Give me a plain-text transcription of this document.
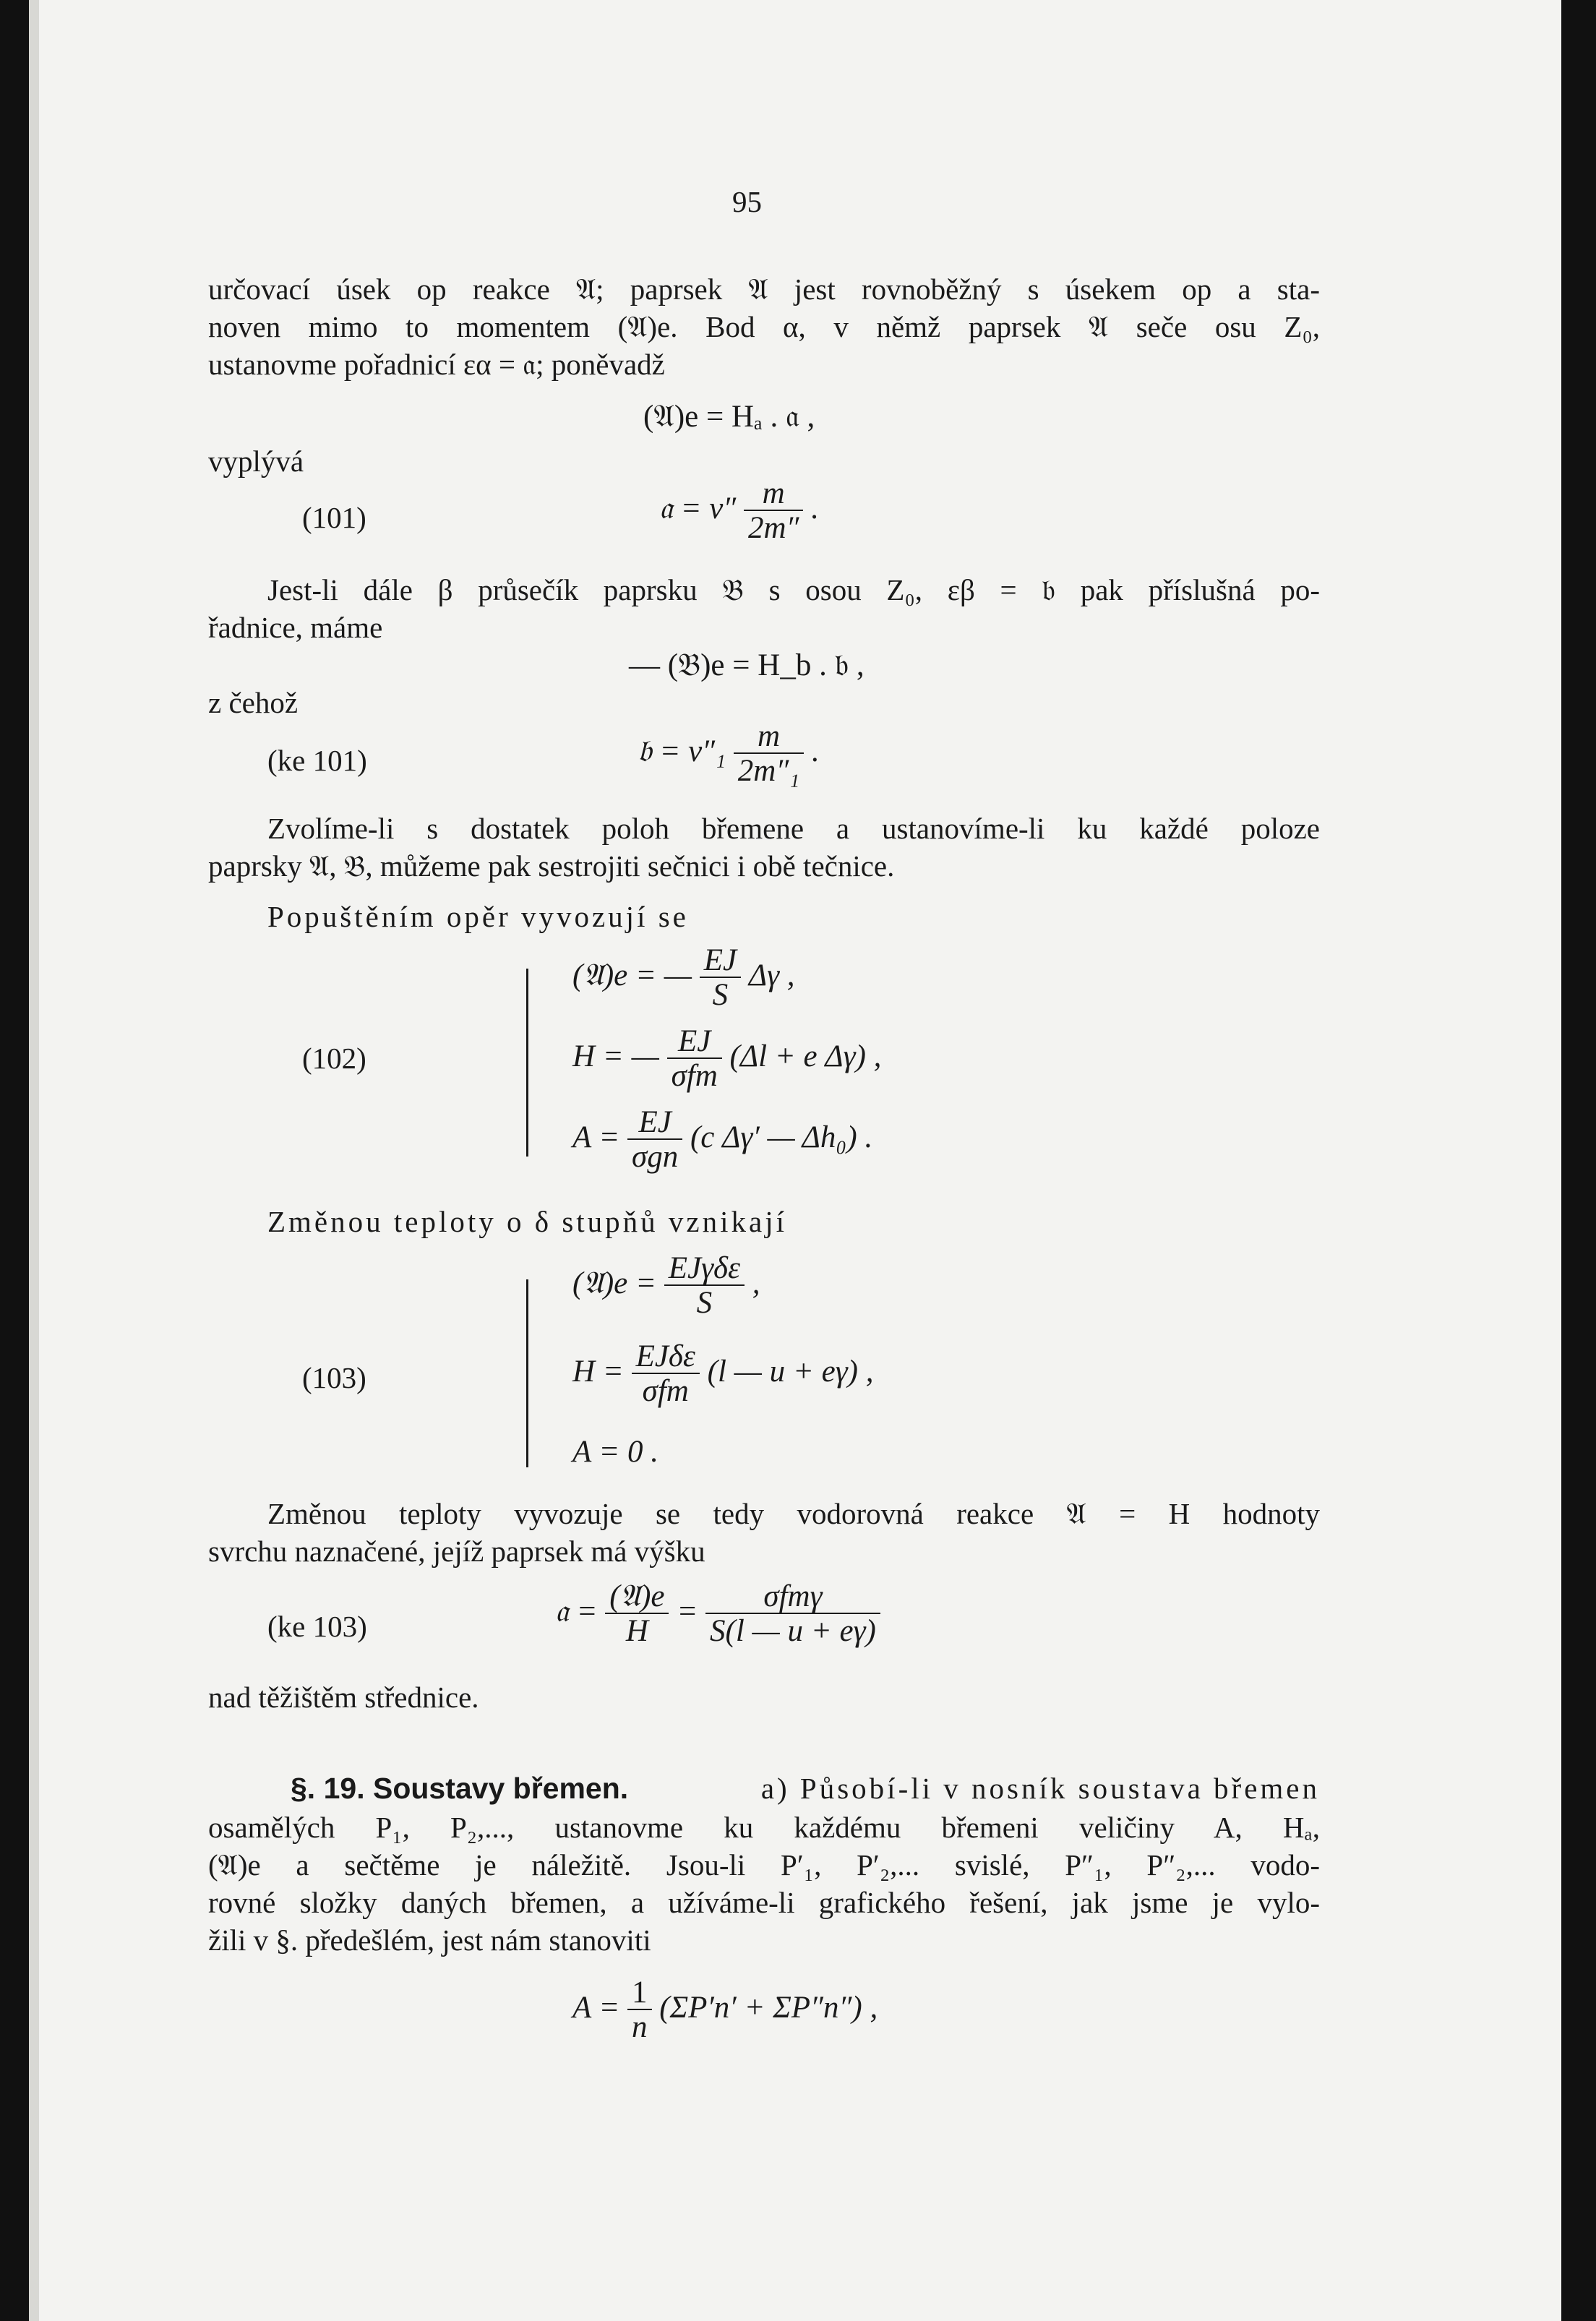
95
určovací úsek op reakce 𝔄; paprsek 𝔄 jest rovnoběžný s úsekem op a sta-
noven mimo to momentem (𝔄)e. Bod α, v němž paprsek 𝔄 seče osu Z₀,
ustanovme pořadnicí εα = 𝔞; poněvadž
(𝔄)e = Hₐ . 𝔞 ,
vyplývá
(101)	𝔞 = $v'' \frac{m}{2m''}$ .
Jest-li dále β průsečík paprsku 𝔅 s osou Z₀, εβ = 𝔟 pak příslušná po-
řadnice, máme
— (𝔅)e = H_b . 𝔟 ,
z čehož
(ke 101)	𝔟 = $v''_1 \frac{m}{\text{2m″₁}}$ .
Zvolíme-li s dostatek poloh břemene a ustanovíme-li ku každé poloze
paprsky 𝔄, 𝔅, můžeme pak sestrojiti sečnici i obě tečnice.
Popuštěním opěr vyvozují se
(102)
(𝔄)e = — $\frac{EJ}{S}$ Δγ ,
H = — $\frac{EJ}{\text{σfm}} (\Delta l + e$ Δγ) ,
$A = \frac{EJ}{\text{σgn}} (c$ Δγ′ — Δh₀) .
Změnou teploty o δ stupňů vznikají
(103)
(𝔄)e = $\frac{\text{EJγδε}}{S}$ ,
$H = \frac{\text{EJδε}}{\text{σfm}} (l$ — u + eγ) ,
A = 0 .
Změnou teploty vyvozuje se tedy vodorovná reakce 𝔄 = H hodnoty
svrchu naznačené, jejíž paprsek má výšku
(ke 103)	𝔞 = $\frac{\text{(𝔄)e}}{H} = \frac{\text{σfmγ}}{S(l — u + e\gamma)}$
nad těžištěm střednice.
§. 19. Soustavy břemen.	a) Působí-li v nosník soustava břemen
osamělých P₁, P₂,..., ustanovme ku každému břemeni veličiny A, Hₐ,
(𝔄)e a sečtěme je náležitě. Jsou-li P′₁, P′₂,... svislé, P″₁, P″₂,... vodo-
rovné složky daných břemen, a užíváme-li grafického řešení, jak jsme je vylo-
žili v §. předešlém, jest nám stanoviti
$A = \frac{1}{n} (\Sigma P'n' + \Sigma P''n'')$ ,
